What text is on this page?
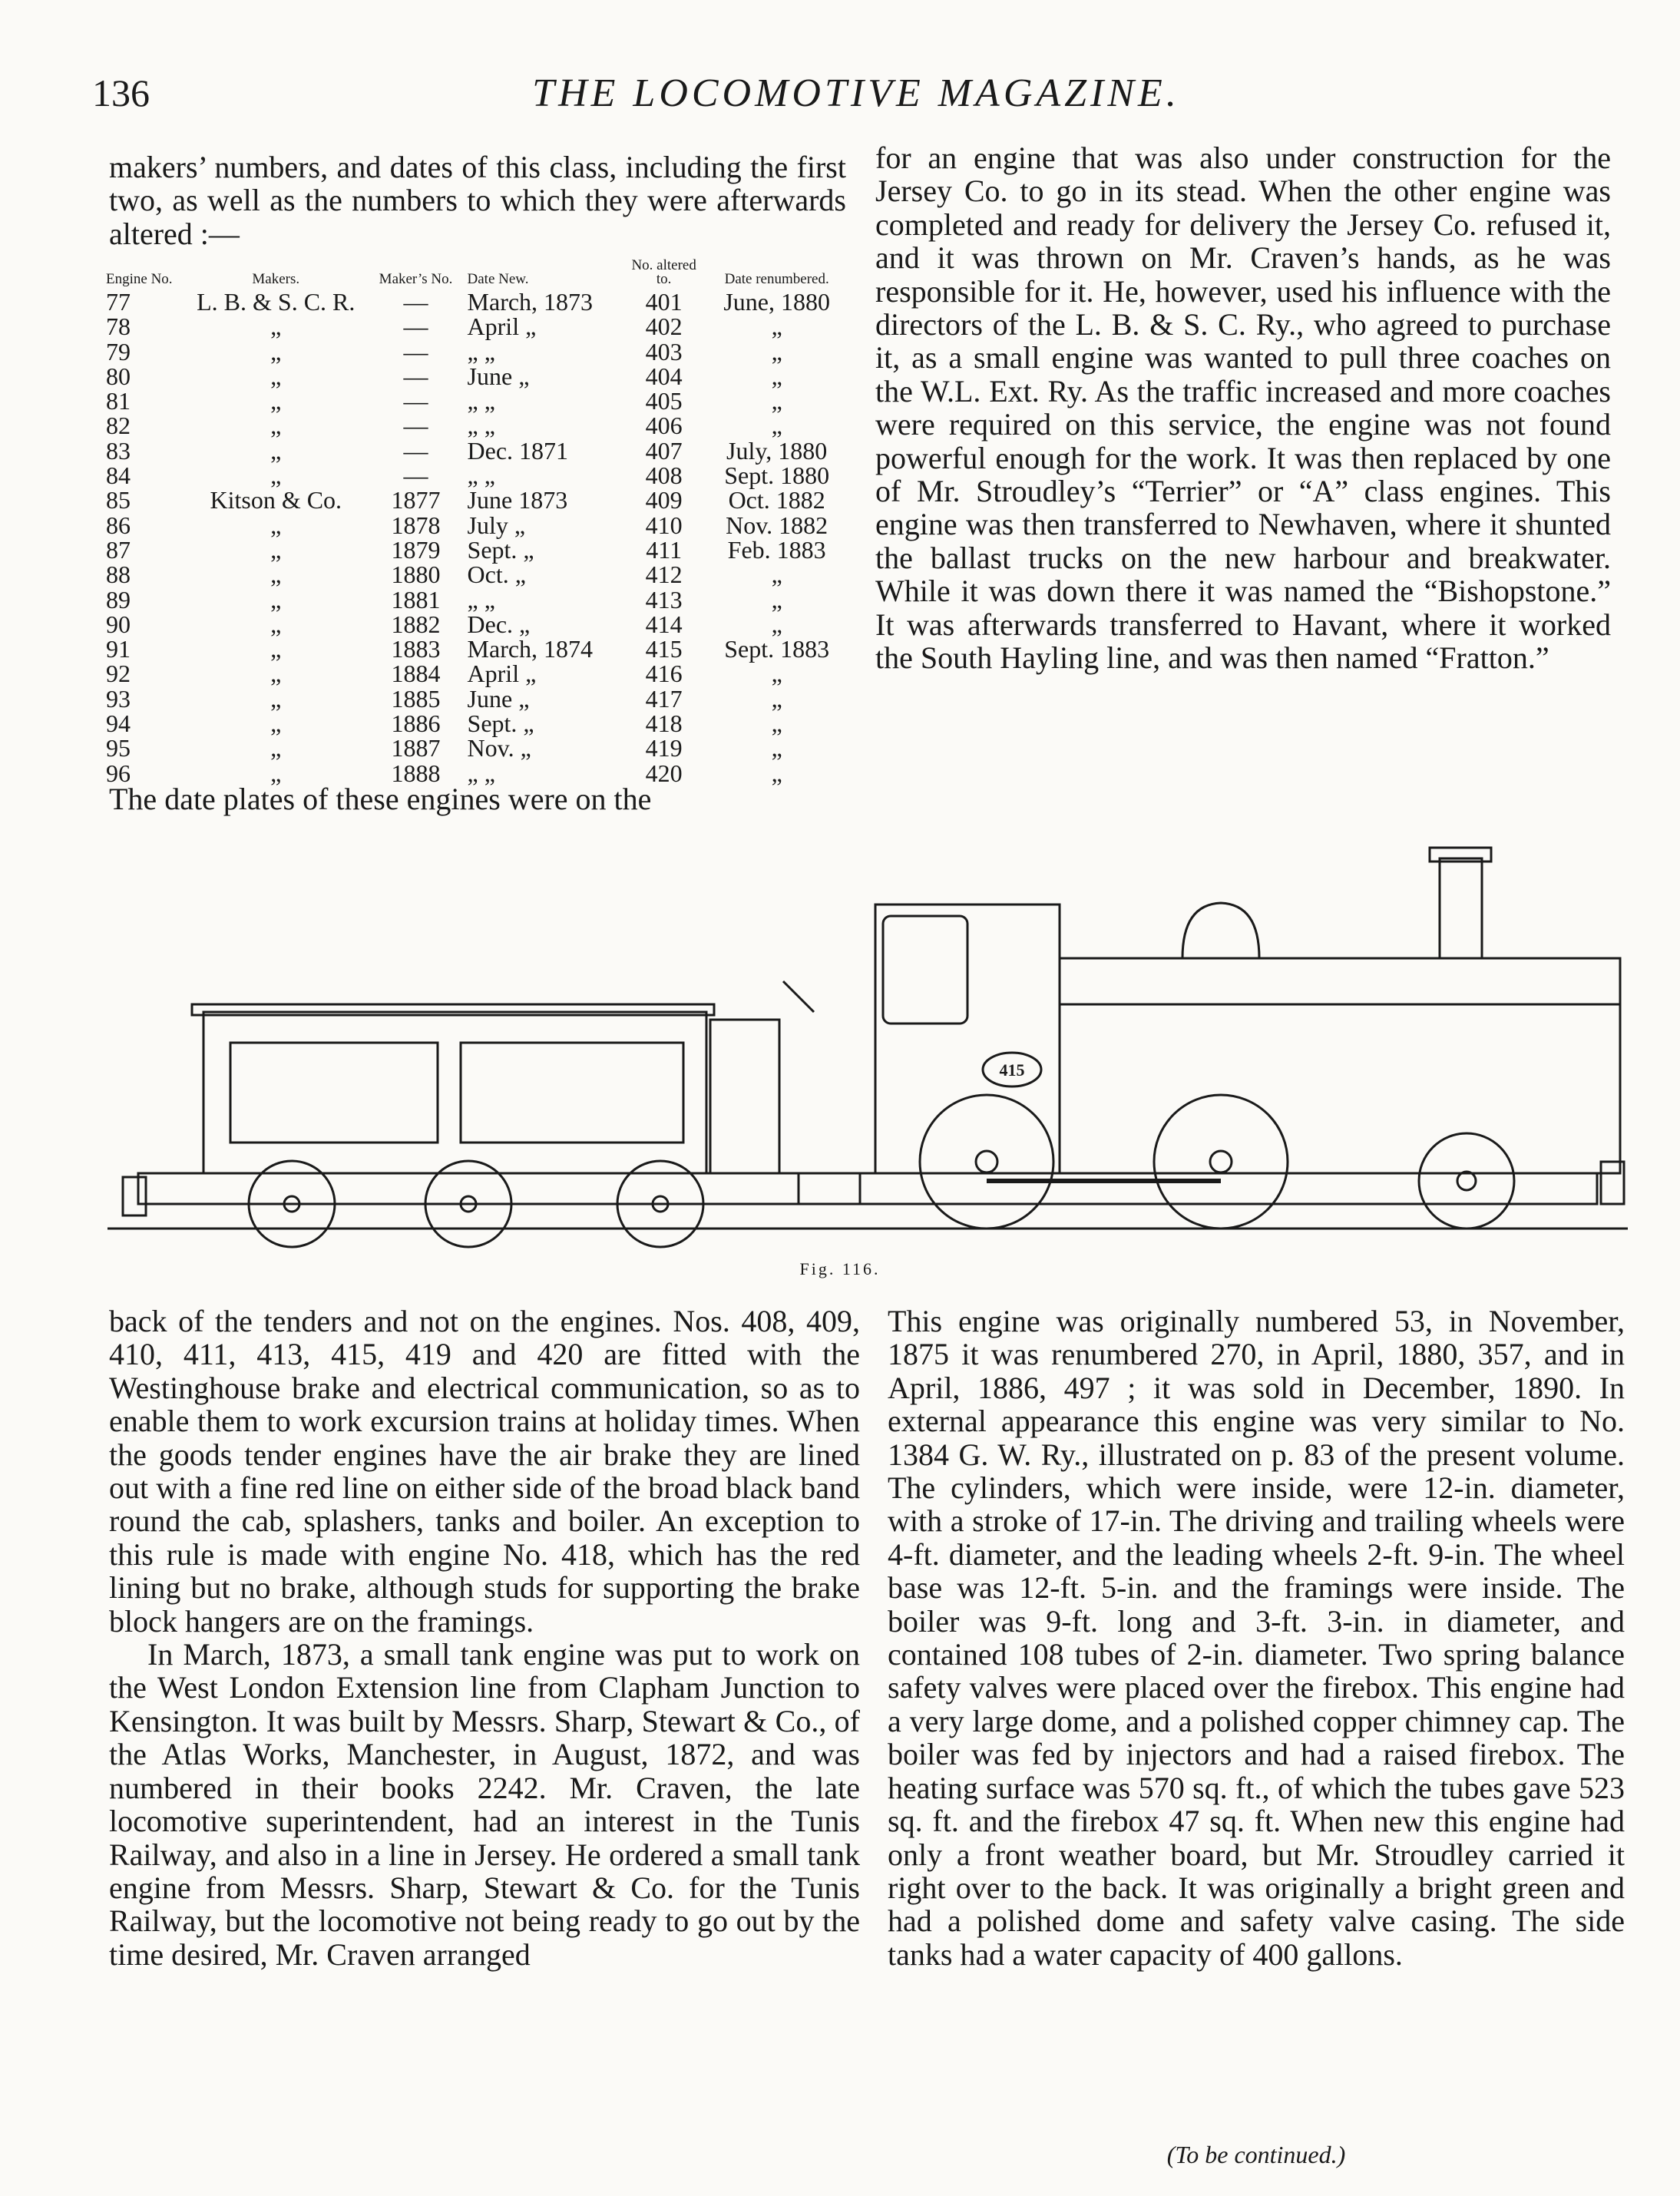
136	THE LOCOMOTIVE MAGAZINE.

makers’ numbers, and dates of this class, including the first two, as well as the numbers to which they were afterwards altered :—

Engine No.	Makers.	Maker’s No.	Date New.	No. altered to.	Date renumbered.
77	L. B. & S. C. R.	—	March, 1873	401	June, 1880
78	„	—	April „	402	„
79	„	—	„ „	403	„
80	„	—	June „	404	„
81	„	—	„ „	405	„
82	„	—	„ „	406	„
83	„	—	Dec. 1871	407	July, 1880
84	„	—	„ „	408	Sept. 1880
85	Kitson & Co.	1877	June 1873	409	Oct. 1882
86	„	1878	July „	410	Nov. 1882
87	„	1879	Sept. „	411	Feb. 1883
88	„	1880	Oct. „	412	„
89	„	1881	„ „	413	„
90	„	1882	Dec. „	414	„
91	„	1883	March, 1874	415	Sept. 1883
92	„	1884	April „	416	„
93	„	1885	June „	417	„
94	„	1886	Sept. „	418	„
95	„	1887	Nov. „	419	„
96	„	1888	„ „	420	„
The date plates of these engines were on the

for an engine that was also under construction for the Jersey Co. to go in its stead. When the other engine was completed and ready for delivery the Jersey Co. refused it, and it was thrown on Mr. Craven’s hands, as he was responsible for it. He, however, used his influence with the directors of the L. B. & S. C. Ry., who agreed to purchase it, as a small engine was wanted to pull three coaches on the W.L. Ext. Ry. As the traffic increased and more coaches were required on this service, the engine was not found powerful enough for the work. It was then replaced by one of Mr. Stroudley’s “Terrier” or “A” class engines. This engine was then transferred to Newhaven, where it shunted the ballast trucks on the new harbour and breakwater. While it was down there it was named the “Bishopstone.” It was afterwards transferred to Havant, where it worked the South Hayling line, and was then named “Fratton.”

415
Fig. 116.

back of the tenders and not on the engines. Nos. 408, 409, 410, 411, 413, 415, 419 and 420 are fitted with the Westinghouse brake and electrical communication, so as to enable them to work excursion trains at holiday times. When the goods tender engines have the air brake they are lined out with a fine red line on either side of the broad black band round the cab, splashers, tanks and boiler. An exception to this rule is made with engine No. 418, which has the red lining but no brake, although studs for supporting the brake block hangers are on the framings.

In March, 1873, a small tank engine was put to work on the West London Extension line from Clapham Junction to Kensington. It was built by Messrs. Sharp, Stewart & Co., of the Atlas Works, Manchester, in August, 1872, and was numbered in their books 2242. Mr. Craven, the late locomotive superintendent, had an interest in the Tunis Railway, and also in a line in Jersey. He ordered a small tank engine from Messrs. Sharp, Stewart & Co. for the Tunis Railway, but the locomotive not being ready to go out by the time desired, Mr. Craven arranged

This engine was originally numbered 53, in November, 1875 it was renumbered 270, in April, 1880, 357, and in April, 1886, 497 ; it was sold in December, 1890. In external appearance this engine was very similar to No. 1384 G. W. Ry., illustrated on p. 83 of the present volume. The cylinders, which were inside, were 12-in. diameter, with a stroke of 17-in. The driving and trailing wheels were 4-ft. diameter, and the leading wheels 2-ft. 9-in. The wheel base was 12-ft. 5-in. and the framings were inside. The boiler was 9-ft. long and 3-ft. 3-in. in diameter, and contained 108 tubes of 2-in. diameter. Two spring balance safety valves were placed over the firebox. This engine had a very large dome, and a polished copper chimney cap. The boiler was fed by injectors and had a raised firebox. The heating surface was 570 sq. ft., of which the tubes gave 523 sq. ft. and the firebox 47 sq. ft. When new this engine had only a front weather board, but Mr. Stroudley carried it right over to the back. It was originally a bright green and had a polished dome and safety valve casing. The side tanks had a water capacity of 400 gallons.

(To be continued.)
